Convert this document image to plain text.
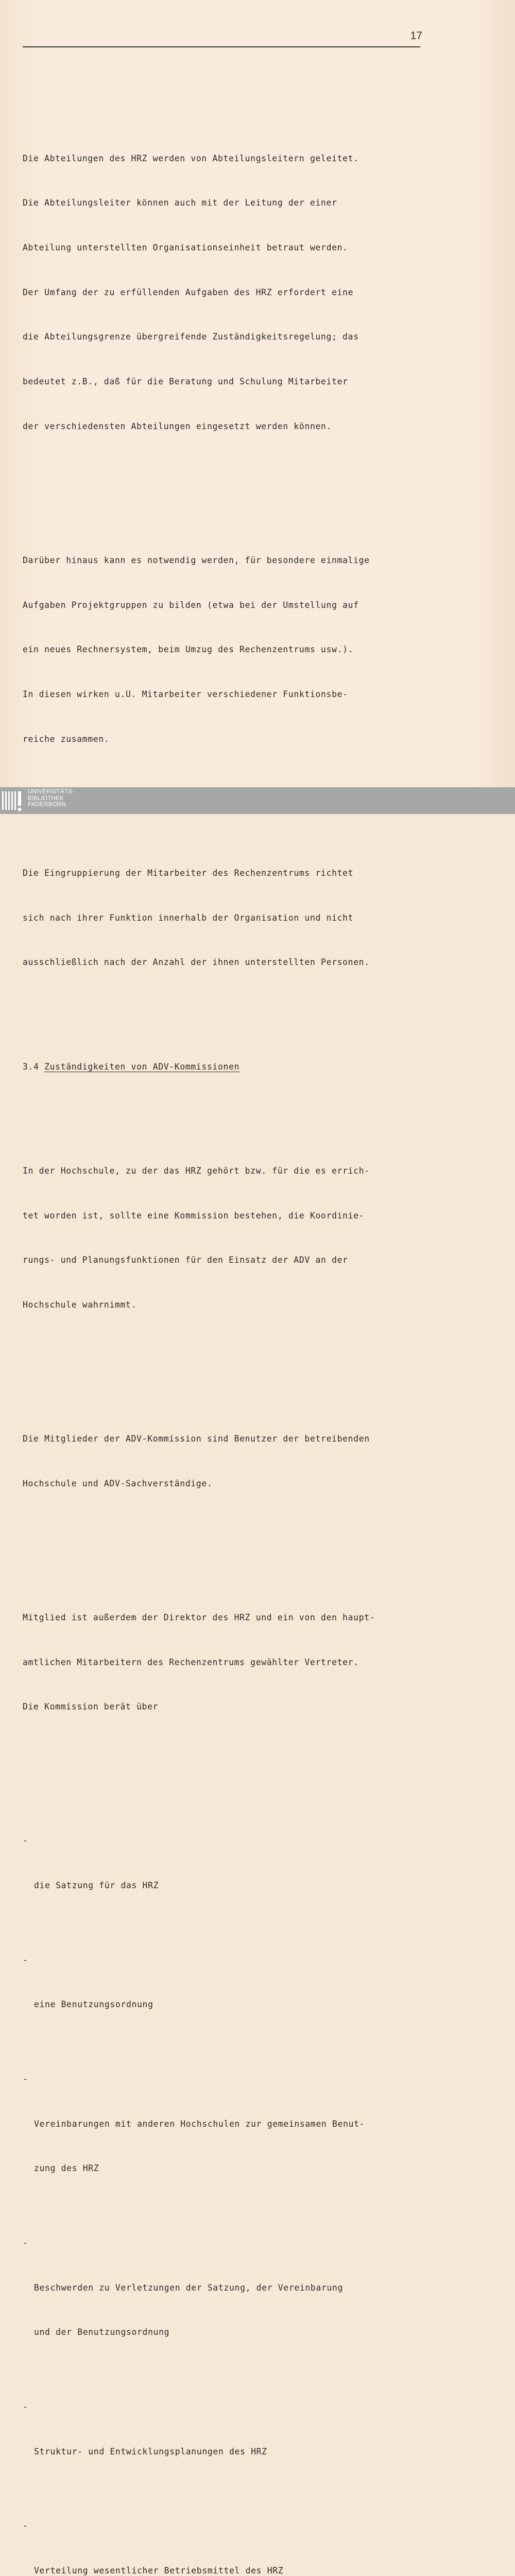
17

Die Abteilungen des HRZ werden von Abteilungsleitern geleitet.

Die Abteilungsleiter können auch mit der Leitung der einer

Abteilung unterstellten Organisationseinheit betraut werden.

Der Umfang der zu erfüllenden Aufgaben des HRZ erfordert eine

die Abteilungsgrenze übergreifende Zuständigkeitsregelung; das

bedeutet z.B., daß für die Beratung und Schulung Mitarbeiter

der verschiedensten Abteilungen eingesetzt werden können.

Darüber hinaus kann es notwendig werden, für besondere einmalige

Aufgaben Projektgruppen zu bilden (etwa bei der Umstellung auf

ein neues Rechnersystem, beim Umzug des Rechenzentrums usw.).

In diesen wirken u.U. Mitarbeiter verschiedener Funktionsbe-

reiche zusammen.

Die Eingruppierung der Mitarbeiter des Rechenzentrums richtet

sich nach ihrer Funktion innerhalb der Organisation und nicht

ausschließlich nach der Anzahl der ihnen unterstellten Personen.

3.4 Zuständigkeiten von ADV-Kommissionen

In der Hochschule, zu der das HRZ gehört bzw. für die es errich-

tet worden ist, sollte eine Kommission bestehen, die Koordinie-

rungs- und Planungsfunktionen für den Einsatz der ADV an der

Hochschule wahrnimmt.

Die Mitglieder der ADV-Kommission sind Benutzer der betreibenden

Hochschule und ADV-Sachverständige.

Mitglied ist außerdem der Direktor des HRZ und ein von den haupt-

amtlichen Mitarbeitern des Rechenzentrums gewählter Vertreter.

Die Kommission berät über

-

die Satzung für das HRZ

-

eine Benutzungsordnung

-

Vereinbarungen mit anderen Hochschulen zur gemeinsamen Benut-

zung des HRZ

-

Beschwerden zu Verletzungen der Satzung, der Vereinbarung

und der Benutzungsordnung

-

Struktur- und Entwicklungsplanungen des HRZ

-

Verteilung wesentlicher Betriebsmittel des HRZ

UNIVERSITÄTS-
BIBLIOTHEK
PADERBORN
